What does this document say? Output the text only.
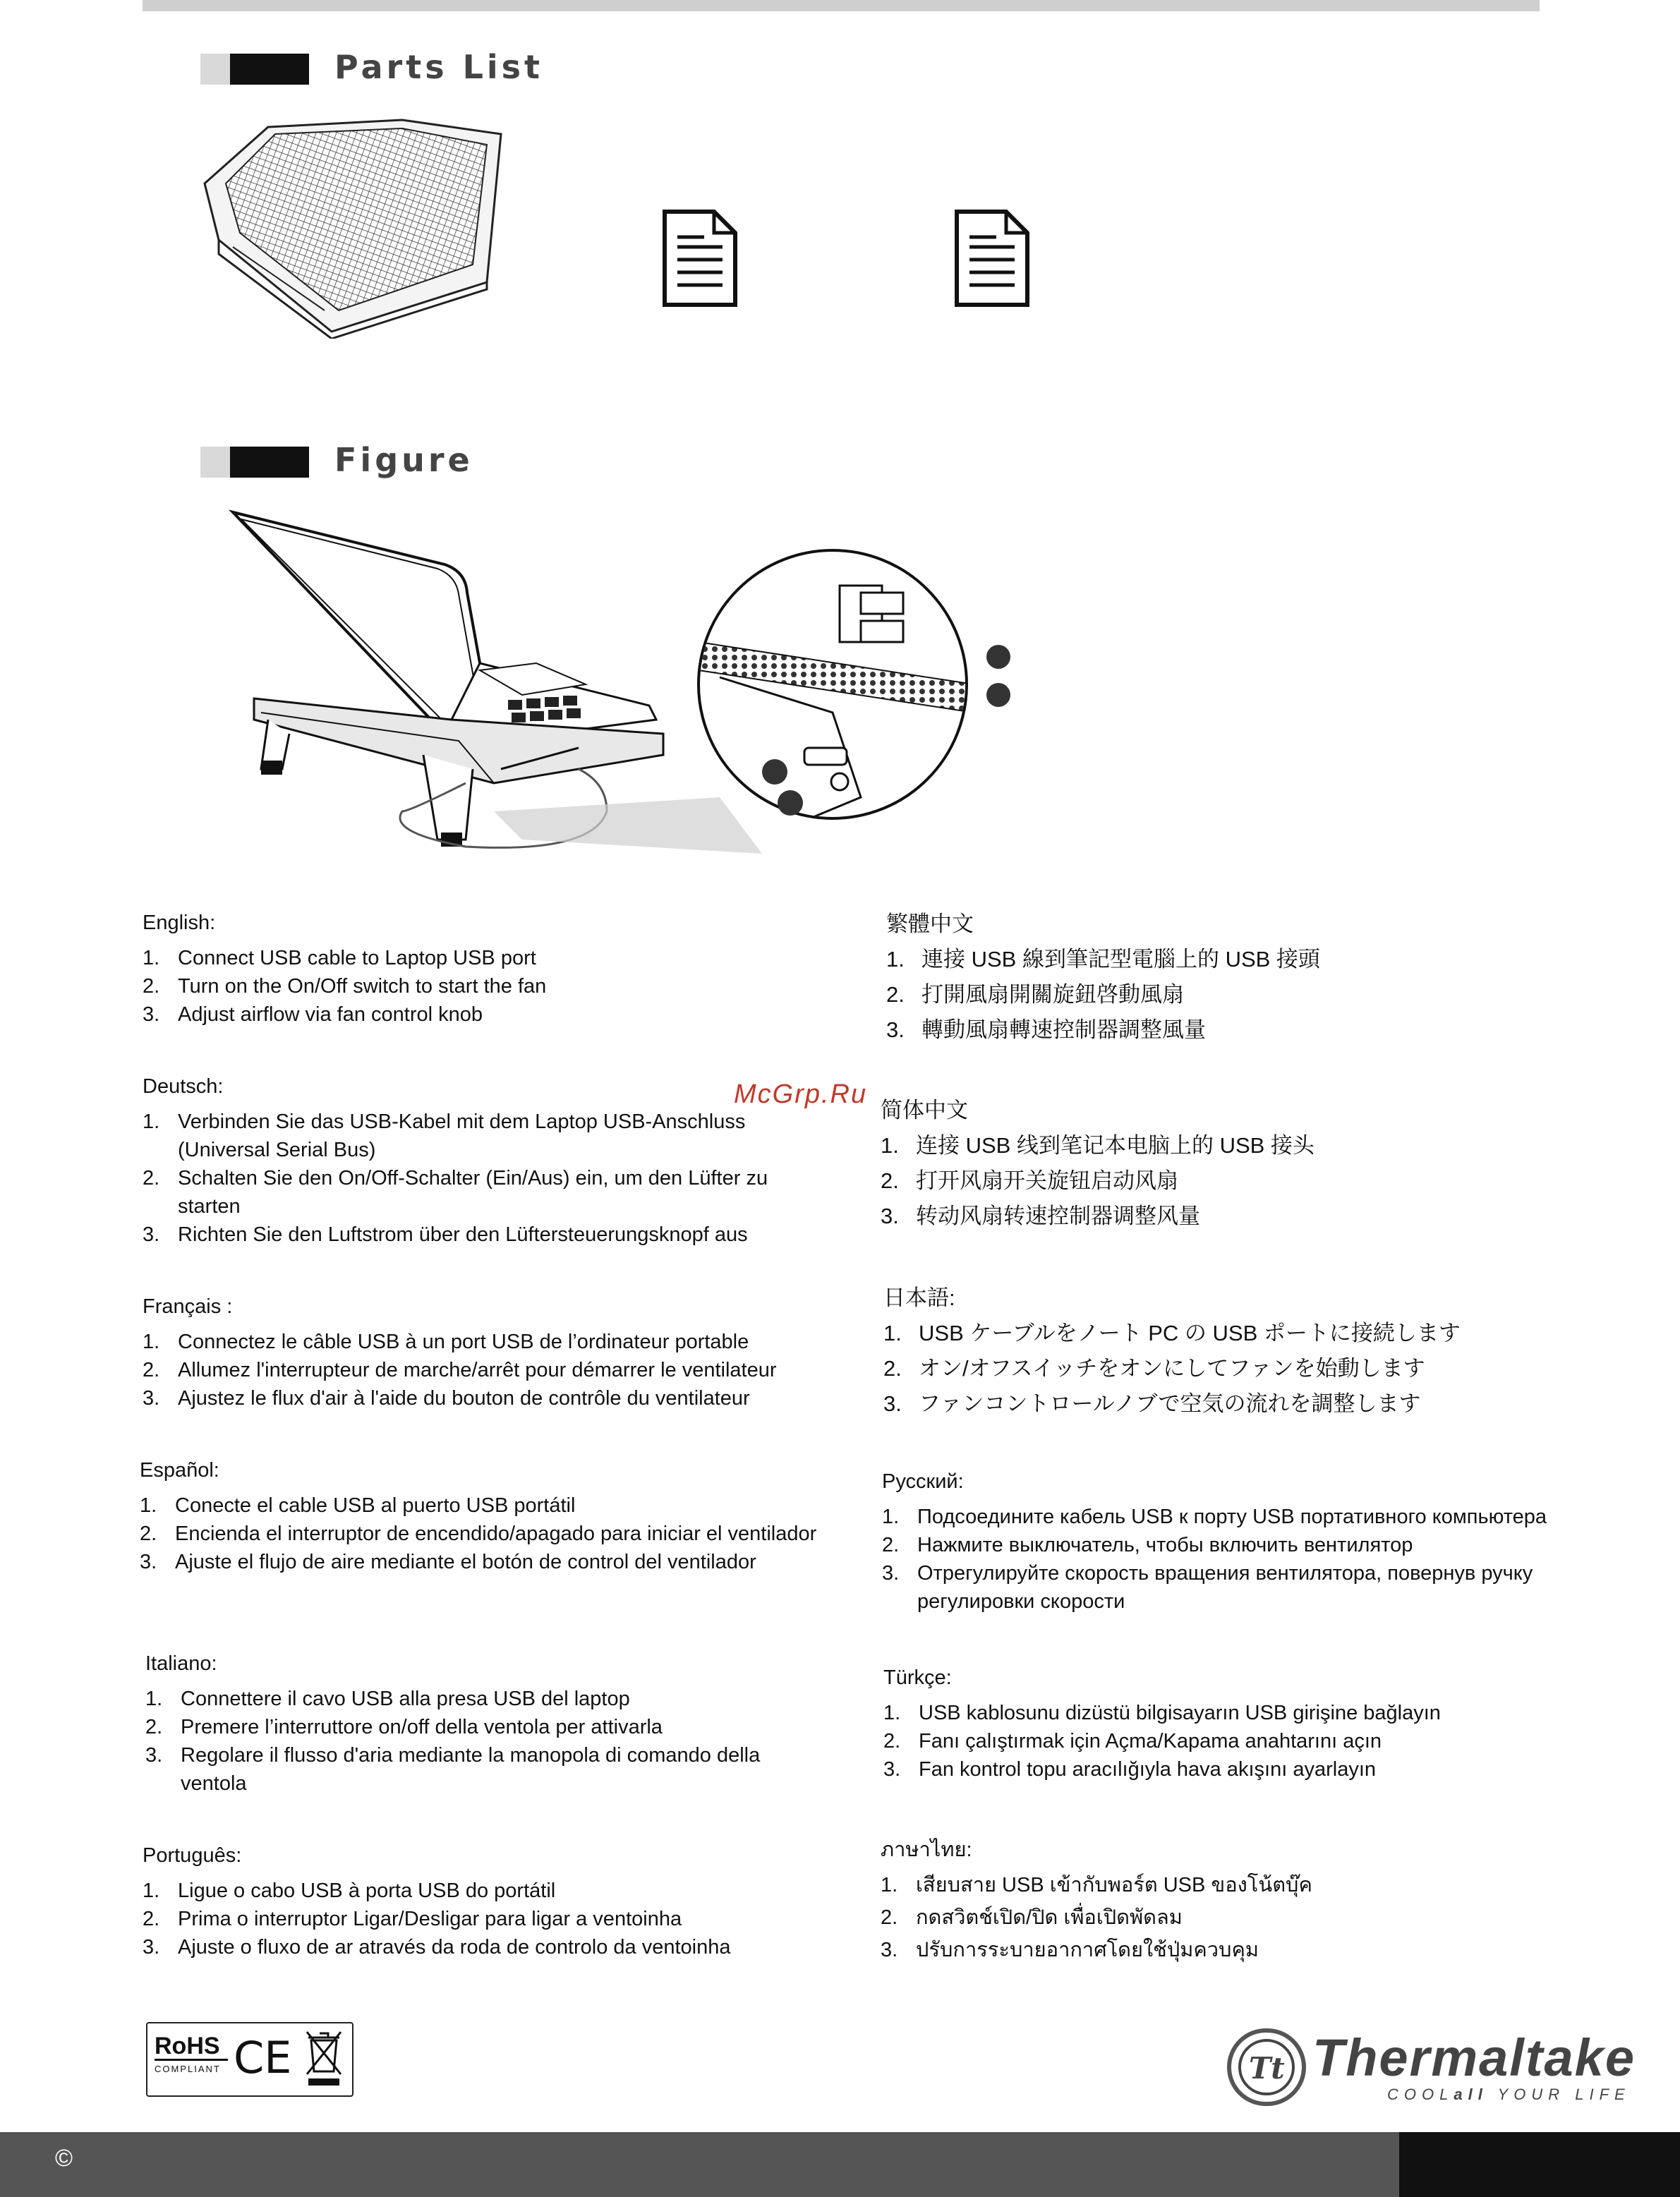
Parts List
Figure
English:
1. Connect USB cable to Laptop USB port
2. Turn on the On/Off switch to start the fan
3. Adjust airflow via fan control knob
Deutsch:
1. Verbinden Sie das USB-Kabel mit dem Laptop USB-Anschluss (Universal Serial Bus)
2. Schalten Sie den On/Off-Schalter (Ein/Aus) ein, um den Lüfter zu starten
3. Richten Sie den Luftstrom über den Lüftersteuerungsknopf aus
Français :
1. Connectez le câble USB à un port USB de l’ordinateur portable
2. Allumez l'interrupteur de marche/arrêt pour démarrer le ventilateur
3. Ajustez le flux d'air à l'aide du bouton de contrôle du ventilateur
Español:
1. Conecte el cable USB al puerto USB portátil
2. Encienda el interruptor de encendido/apagado para iniciar el ventilador
3. Ajuste el flujo de aire mediante el botón de control del ventilador
Italiano:
1. Connettere il cavo USB alla presa USB del laptop
2. Premere l’interruttore on/off della ventola per attivarla
3. Regolare il flusso d'aria mediante la manopola di comando della ventola
Português:
1. Ligue o cabo USB à porta USB do portátil
2. Prima o interruptor Ligar/Desligar para ligar a ventoinha
3. Ajuste o fluxo de ar através da roda de controlo da ventoinha
繁體中文
1. 連接 USB 線到筆記型電腦上的 USB 接頭
2. 打開風扇開關旋鈕啓動風扇
3. 轉動風扇轉速控制器調整風量
简体中文
1. 连接 USB 线到笔记本电脑上的 USB 接头
2. 打开风扇开关旋钮启动风扇
3. 转动风扇转速控制器调整风量
日本語:
1. USB ケーブルをノート PC の USB ポートに接続します
2. オン/オフスイッチをオンにしてファンを始動します
3. ファンコントロールノブで空気の流れを調整します
Русский:
1. Подсоедините кабель USB к порту USB портативного компьютера
2. Нажмите выключатель, чтобы включить вентилятор
3. Отрегулируйте скорость вращения вентилятора, повернув ручку регулировки скорости
Türkçe:
1. USB kablosunu dizüstü bilgisayarın USB girişine bağlayın
2. Fanı çalıştırmak için Açma/Kapama anahtarını açın
3. Fan kontrol topu aracılığıyla hava akışını ayarlayın
ภาษาไทย:
1. เสียบสาย USB เข้ากับพอร์ต USB ของโน้ตบุ๊ค
2. กดสวิตช์เปิด/ปิด เพื่อเปิดพัดลม
3. ปรับการระบายอากาศโดยใช้ปุ่มควบคุม
McGrp.Ru
RoHS
COMPLIANT CE	Tt Thermaltake
COOLall YOUR LIFE
©
